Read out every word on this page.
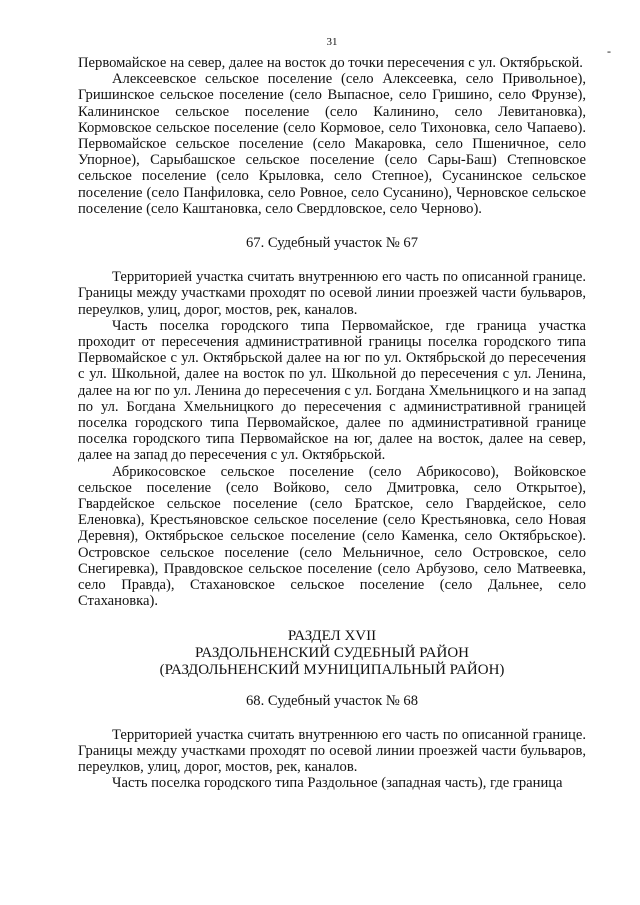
31

Первомайское на север, далее на восток до точки пересечения с ул. Октябрьской.

Алексеевское сельское поселение (село Алексеевка, село Привольное), Гришинское сельское поселение (село Выпасное, село Гришино, село Фрунзе), Калининское сельское поселение (село Калинино, село Левитановка), Кормовское сельское поселение (село Кормовое, село Тихоновка, село Чапаево). Первомайское сельское поселение (село Макаровка, село Пшеничное, село Упорное), Сарыбашское сельское поселение (село Сары-Баш) Степновское сельское поселение (село Крыловка, село Степное), Сусанинское сельское поселение (село Панфиловка, село Ровное, село Сусанино), Черновское сельское поселение (село Каштановка, село Свердловское, село Черново).

67. Судебный участок № 67

Территорией участка считать внутреннюю его часть по описанной границе. Границы между участками проходят по осевой линии проезжей части бульваров, переулков, улиц, дорог, мостов, рек, каналов.

Часть поселка городского типа Первомайское, где граница участка проходит от пересечения административной границы поселка городского типа Первомайское с ул. Октябрьской далее на юг по ул. Октябрьской до пересечения с ул. Школьной, далее на восток по ул. Школьной до пересечения с ул. Ленина, далее на юг по ул. Ленина до пересечения с ул. Богдана Хмельницкого и на запад по ул. Богдана Хмельницкого до пересечения с административной границей поселка городского типа Первомайское, далее по административной границе поселка городского типа Первомайское на юг, далее на восток, далее на север, далее на запад до пересечения с ул. Октябрьской.

Абрикосовское сельское поселение (село Абрикосово), Войковское сельское поселение (село Войково, село Дмитровка, село Открытое), Гвардейское сельское поселение (село Братское, село Гвардейское, село Еленовка), Крестьяновское сельское поселение (село Крестьяновка, село Новая Деревня), Октябрьское сельское поселение (село Каменка, село Октябрьское). Островское сельское поселение (село Мельничное, село Островское, село Снегиревка), Правдовское сельское поселение (село Арбузово, село Матвеевка, село Правда), Стахановское сельское поселение (село Дальнее, село Стахановка).

РАЗДЕЛ XVII

РАЗДОЛЬНЕНСКИЙ СУДЕБНЫЙ РАЙОН

(РАЗДОЛЬНЕНСКИЙ МУНИЦИПАЛЬНЫЙ РАЙОН)

68. Судебный участок № 68

Территорией участка считать внутреннюю его часть по описанной границе. Границы между участками проходят по осевой линии проезжей части бульваров, переулков, улиц, дорог, мостов, рек, каналов.

Часть поселка городского типа Раздольное (западная часть), где граница

-
